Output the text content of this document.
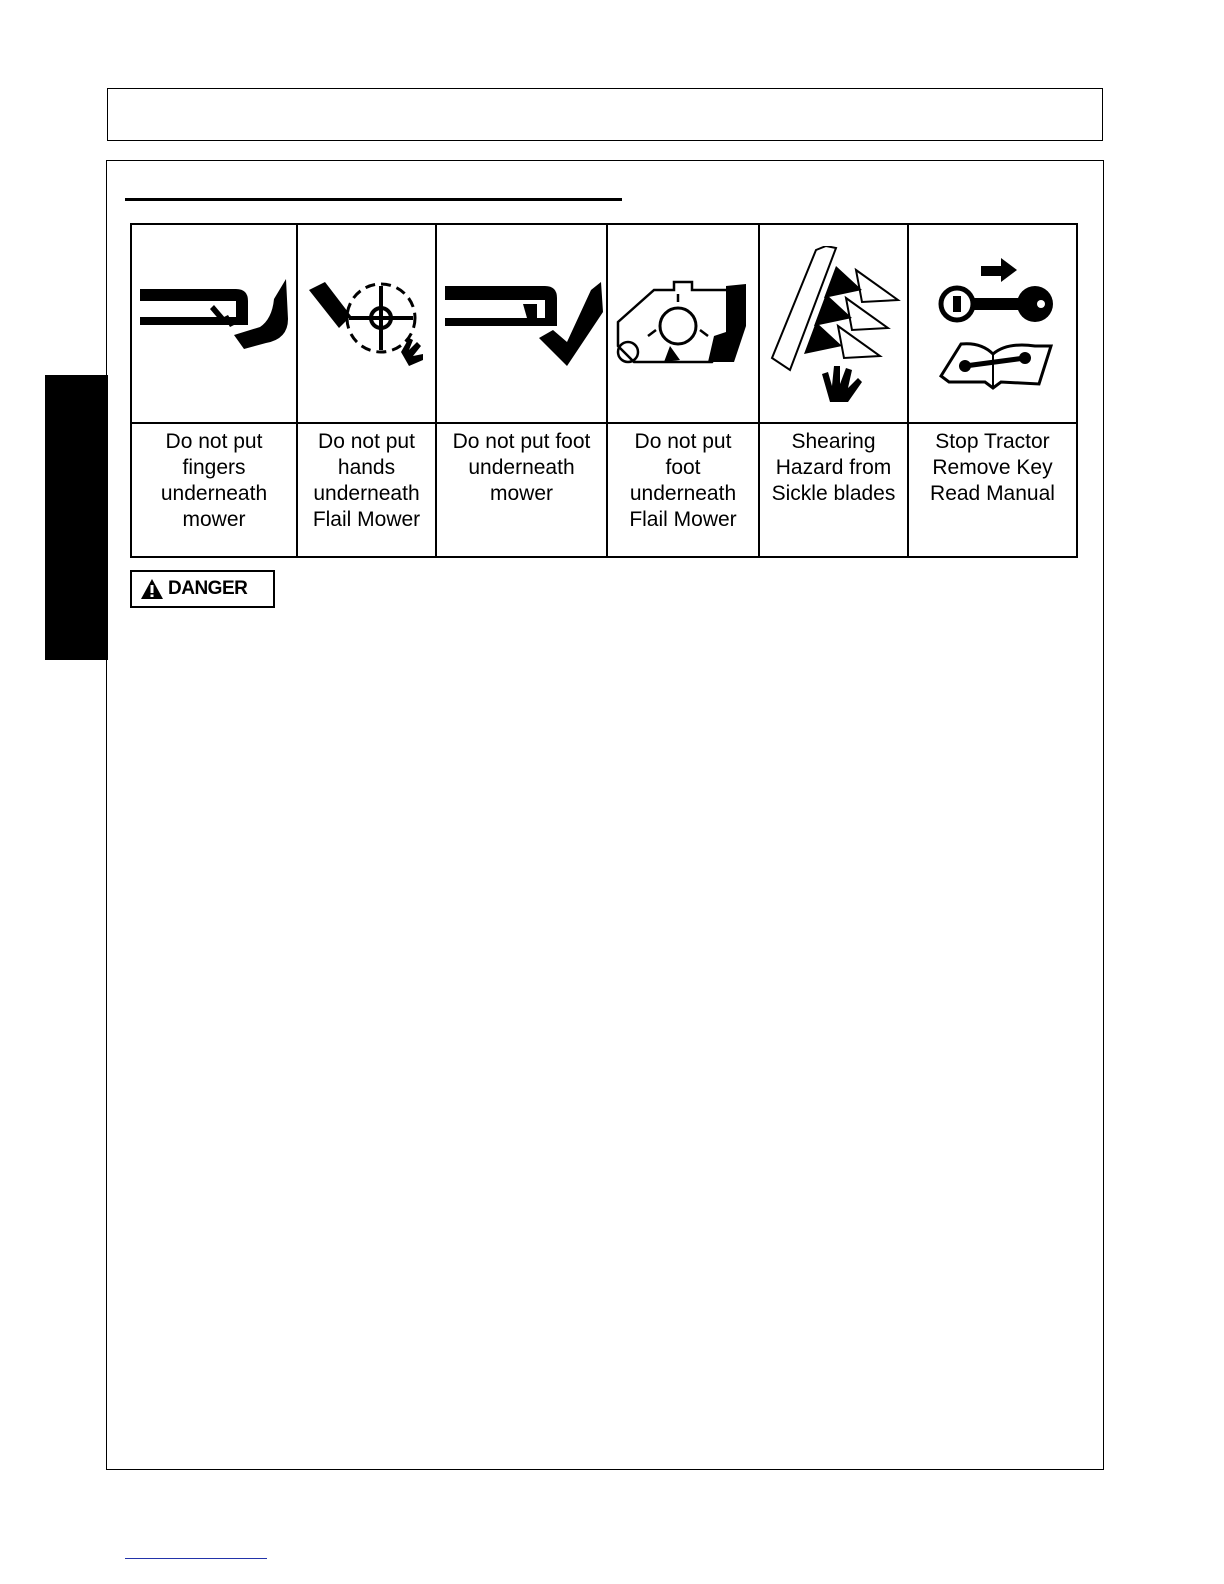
Do not put fingers underneath mower	Do not put hands underneath Flail Mower	Do not put foot underneath mower	Do not put foot underneath Flail Mower	Shearing Hazard from Sickle blades	Stop Tractor Remove Key Read Manual
DANGER
